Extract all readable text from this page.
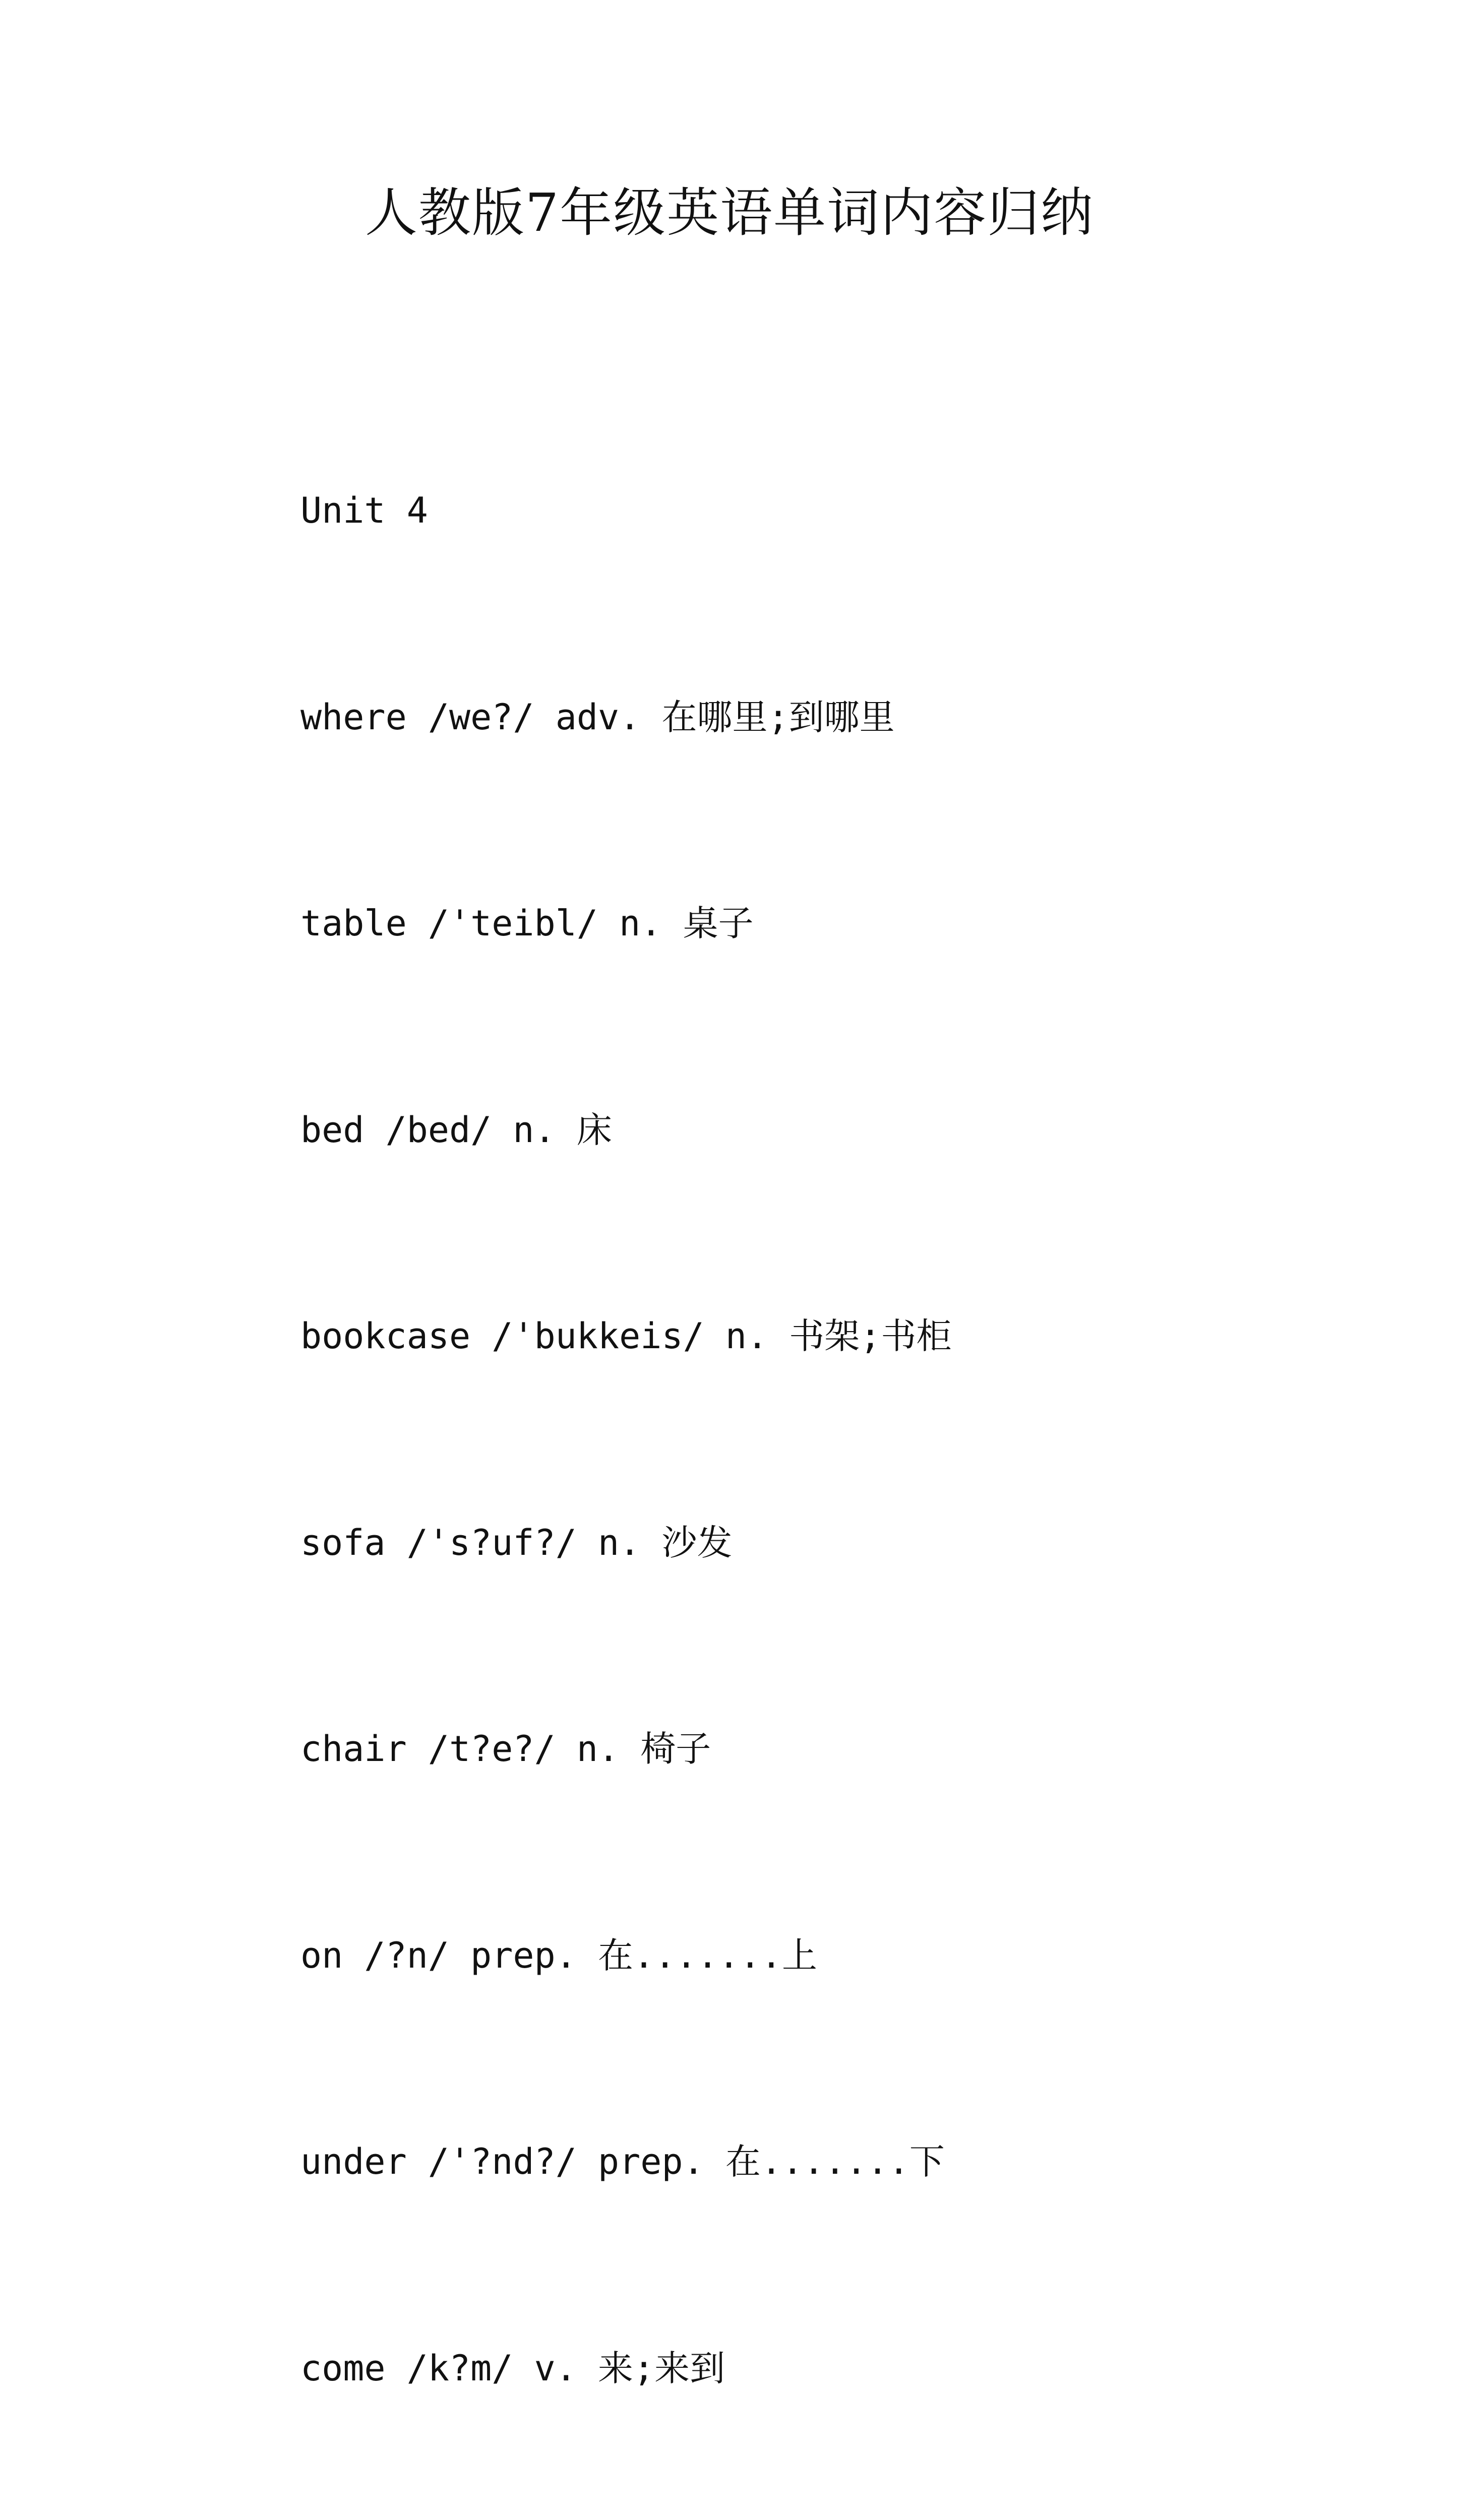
人教版7年级英语单词内容归纳

Unit 4

where /we?/ adv. 在哪里;到哪里

table /'teibl/ n. 桌子

bed /bed/ n. 床

bookcase /'bukkeis/ n. 书架;书柜

sofa /'s?uf?/ n. 沙发

chair /t?e?/ n. 椅子

on /?n/ prep. 在.......上

under /'?nd?/ prep. 在.......下

come /k?m/ v. 来;来到
